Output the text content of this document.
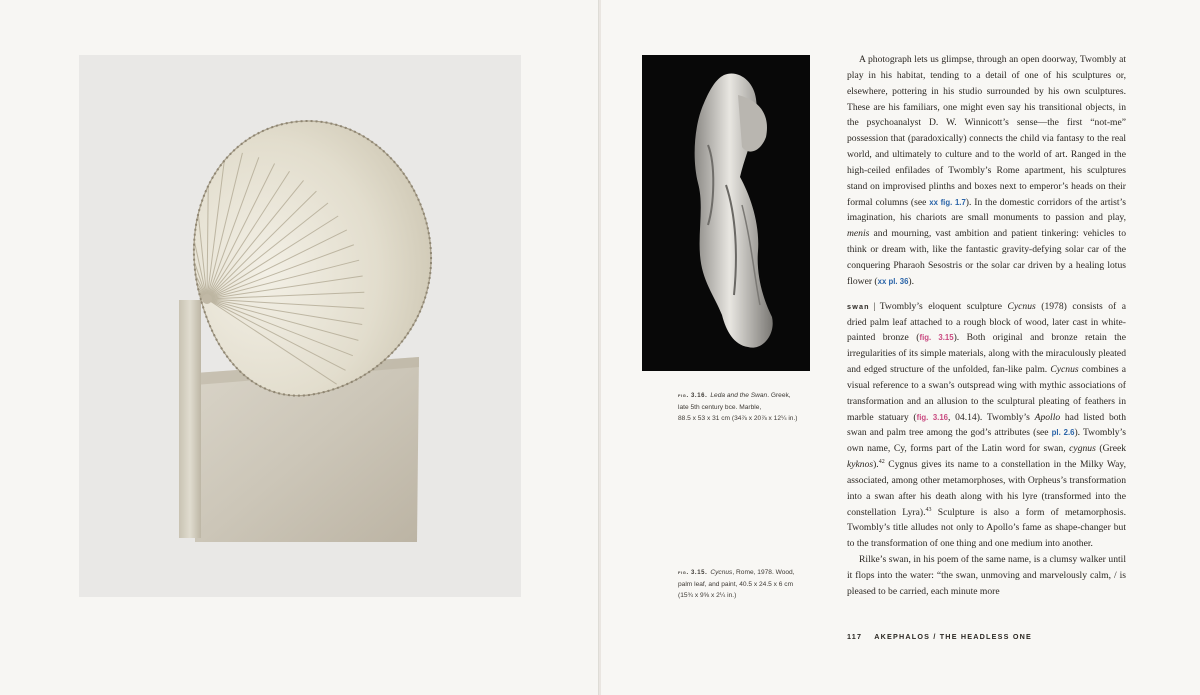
fig. 3.16. Leda and the Swan. Greek,
late 5th century bce. Marble,
88.5 x 53 x 31 cm (34⅞ x 20⅞ x 12¼ in.)
fig. 3.15. Cycnus, Rome, 1978. Wood,
palm leaf, and paint, 40.5 x 24.5 x 6 cm
(15¾ x 9⅝ x 2¼ in.)

A photograph lets us glimpse, through an open doorway, Twombly at play in his habitat, tending to a detail of one of his sculptures or, elsewhere, pottering in his studio surrounded by his own sculptures. These are his familiars, one might even say his transitional objects, in the psychoanalyst D. W. Winnicott’s sense—the first “not-me” possession that (paradoxically) connects the child via fantasy to the real world, and ultimately to culture and to the world of art. Ranged in the high-ceiled enfilades of Twombly’s Rome apartment, his sculptures stand on improvised plinths and boxes next to emperor’s heads on their formal columns (see xx fig. 1.7). In the domestic corridors of the artist’s imagination, his chariots are small monuments to passion and play, menis and mourning, vast ambition and patient tinkering: vehicles to think or dream with, like the fantastic gravity-defying solar car of the conquering Pharaoh Sesostris or the solar car driven by a healing lotus flower (xx pl. 36).

swan | Twombly’s eloquent sculpture Cycnus (1978) consists of a dried palm leaf attached to a rough block of wood, later cast in white-painted bronze (fig. 3.15). Both original and bronze retain the irregularities of its simple materials, along with the miraculously pleated and edged structure of the unfolded, fan-like palm. Cycnus combines a visual reference to a swan’s outspread wing with mythic associations of transformation and an allusion to the sculptural pleating of feathers in marble statuary (fig. 3.16, 04.14). Twombly’s Apollo had listed both swan and palm tree among the god’s attributes (see pl. 2.6). Twombly’s own name, Cy, forms part of the Latin word for swan, cygnus (Greek kyknos).$^{42}$ Cygnus gives its name to a constellation in the Milky Way, associated, among other metamorphoses, with Orpheus’s transformation into a swan after his death along with his lyre (transformed into the constellation Lyra).$^{43}$ Sculpture is also a form of metamorphosis. Twombly’s title alludes not only to Apollo’s fame as shape-changer but to the transformation of one thing and one medium into another.

Rilke’s swan, in his poem of the same name, is a clumsy walker until it flops into the water: “the swan, unmoving and marvelously calm, / is pleased to be carried, each minute more

117 AKEPHALOS / THE HEADLESS ONE
